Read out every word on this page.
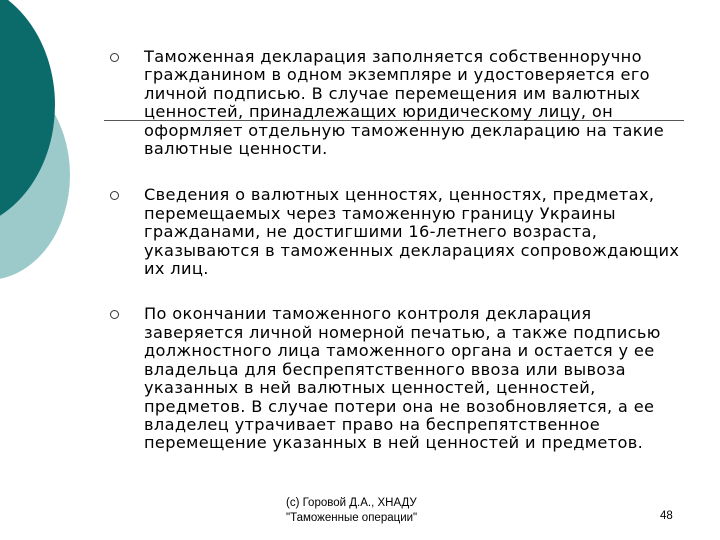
Таможенная декларация заполняется собственноручно гражданином в одном экземпляре и удостоверяется его личной подписью. В случае перемещения им валютных ценностей, принадлежащих юридическому лицу, он оформляет отдельную таможенную декларацию на такие валютные ценности.
Сведения о валютных ценностях, ценностях, предметах, перемещаемых через таможенную границу Украины гражданами, не достигшими 16-летнего возраста, указываются в таможенных декларациях сопровождающих их лиц.
По окончании таможенного контроля декларация заверяется личной номерной печатью, а также подписью должностного лица таможенного органа и остается у ее владельца для беспрепятственного ввоза или вывоза указанных в ней валютных ценностей, ценностей, предметов. В случае потери она не возобновляется, а ее владелец утрачивает право на беспрепятственное перемещение указанных в ней ценностей и предметов.
(c) Горовой Д.А., ХНАДУ
"Таможенные операции"	48
